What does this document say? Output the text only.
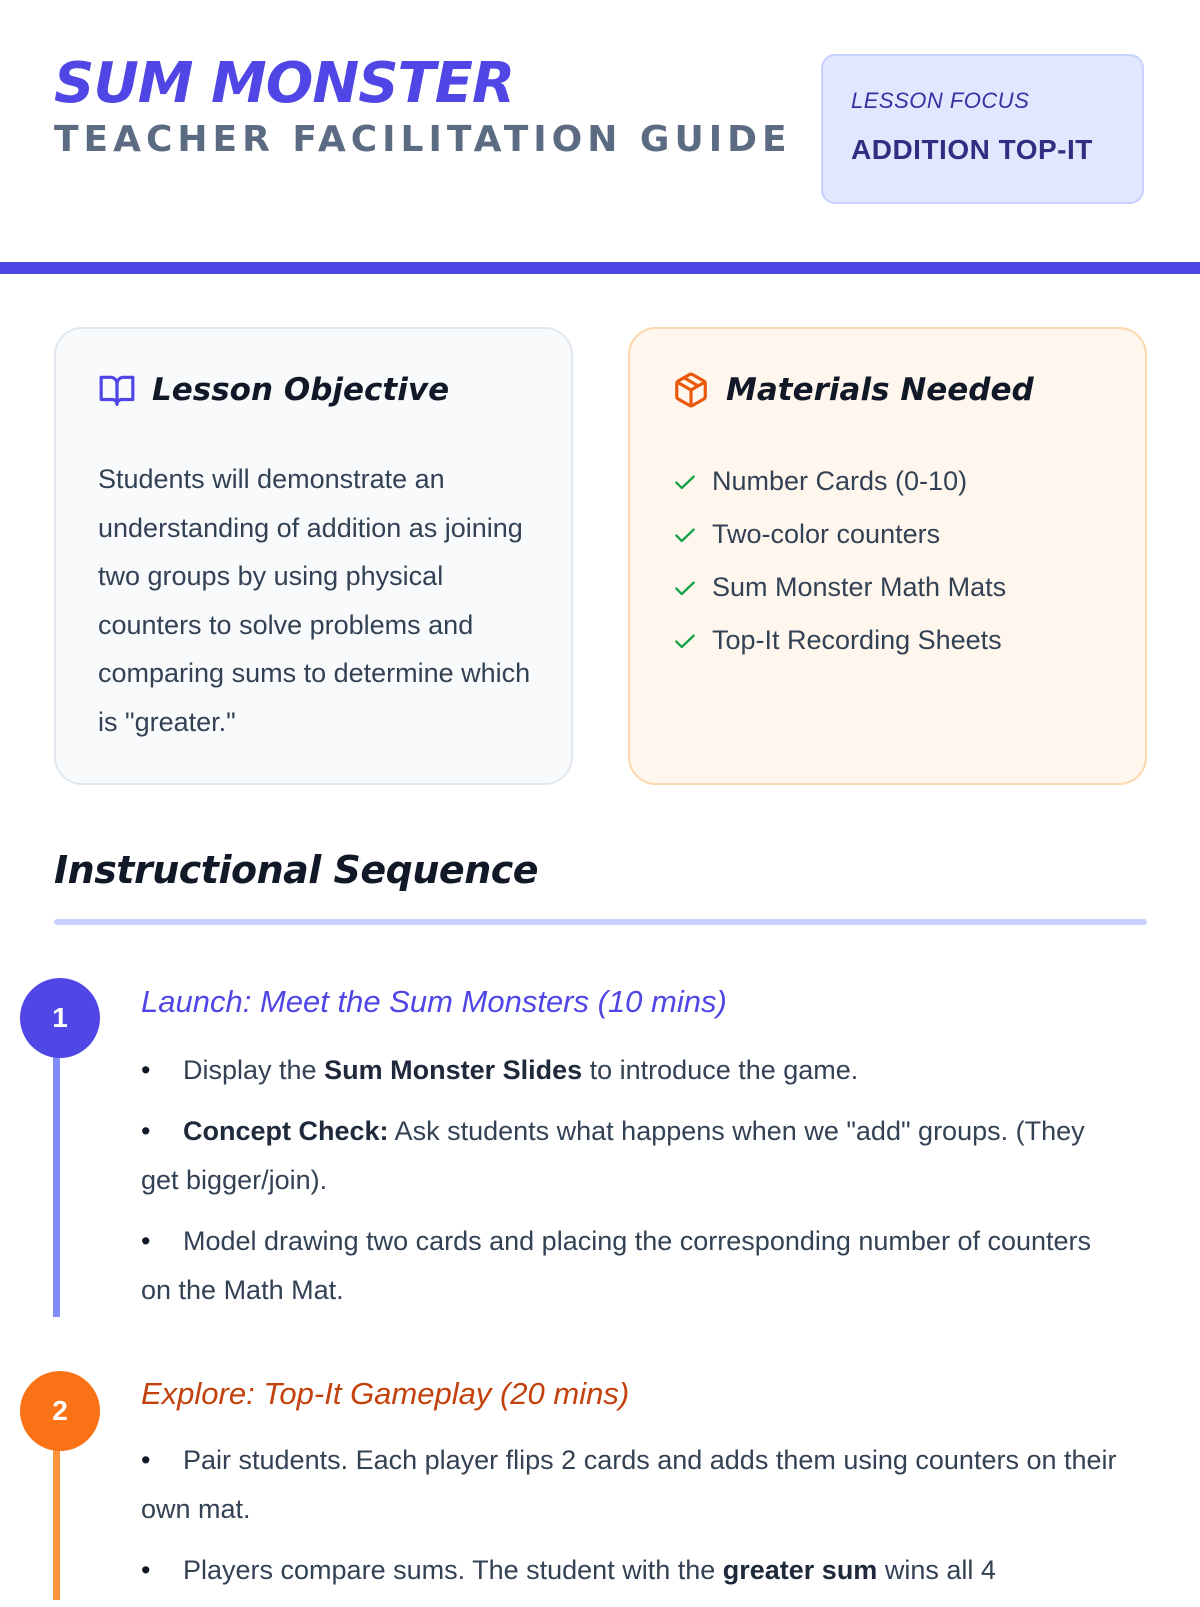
SUM MONSTER
TEACHER FACILITATION GUIDE
LESSON FOCUS
ADDITION TOP-IT
Lesson Objective

Students will demonstrate an understanding of addition as joining two groups by using physical counters to solve problems and comparing sums to determine which is "greater."

Materials Needed
Number Cards (0-10)
Two-color counters
Sum Monster Math Mats
Top-It Recording Sheets
Instructional Sequence
1	Launch: Meet the Sum Monsters (10 mins)
• Display the Sum Monster Slides to introduce the game.
• Concept Check: Ask students what happens when we "add" groups. (They get bigger/join).
• Model drawing two cards and placing the corresponding number of counters on the Math Mat.
2	Explore: Top-It Gameplay (20 mins)
• Pair students. Each player flips 2 cards and adds them using counters on their own mat.
• Players compare sums. The student with the greater sum wins all 4
